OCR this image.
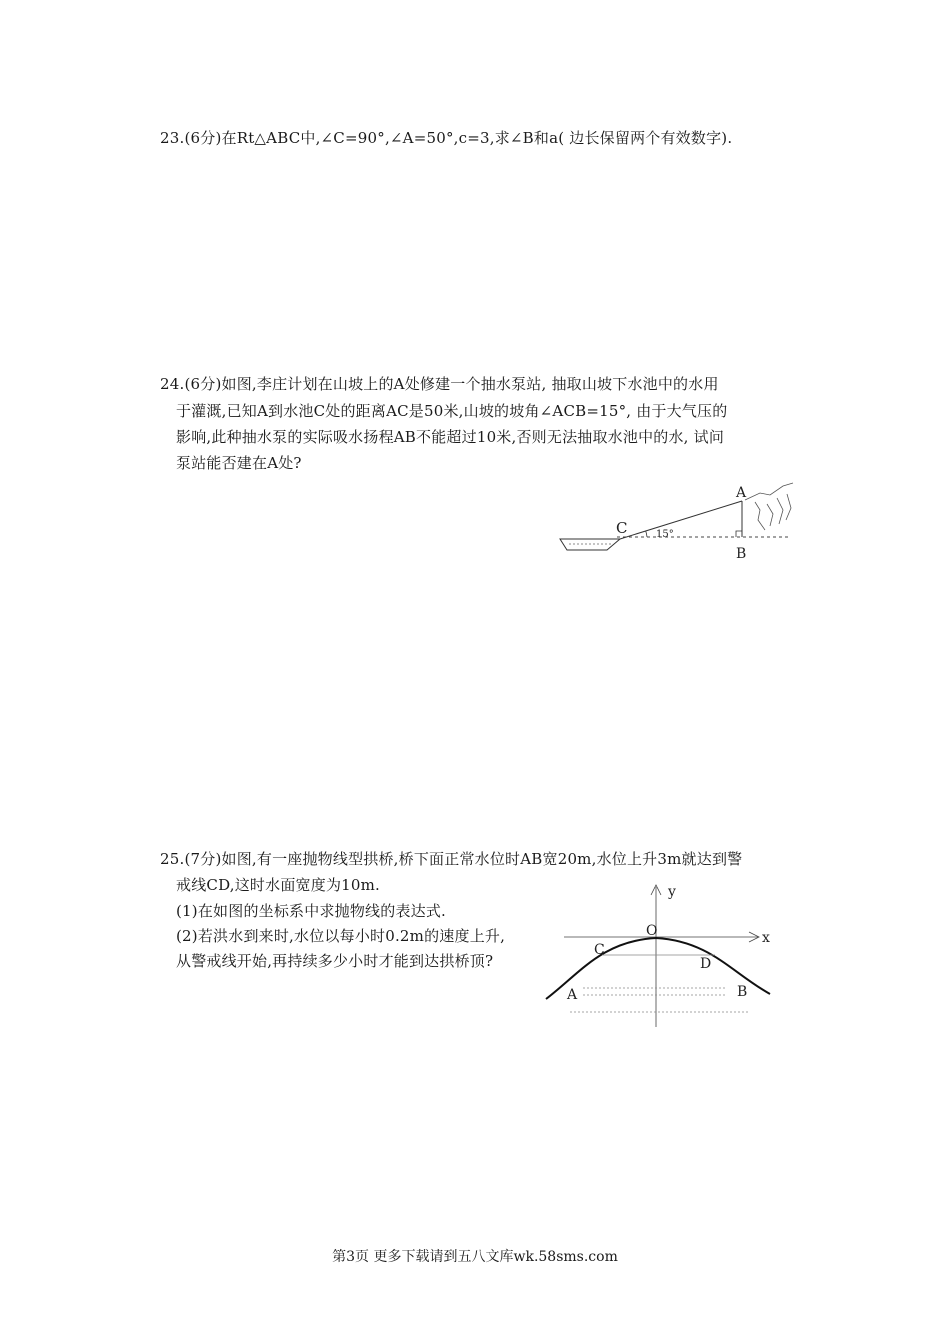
23.(6分)在Rt△ABC中,∠C=90°,∠A=50°,c=3,求∠B和a( 边长保留两个有效数字).
24.(6分)如图,李庄计划在山坡上的A处修建一个抽水泵站, 抽取山坡下水池中的水用
于灌溉,已知A到水池C处的距离AC是50米,山坡的坡角∠ACB=15°, 由于大气压的
影响,此种抽水泵的实际吸水扬程AB不能超过10米,否则无法抽取水池中的水, 试问
泵站能否建在A处?
A
B
C	15°
25.(7分)如图,有一座抛物线型拱桥,桥下面正常水位时AB宽20m,水位上升3m就达到警
戒线CD,这时水面宽度为10m.
(1)在如图的坐标系中求抛物线的表达式.
(2)若洪水到来时,水位以每小时0.2m的速度上升,
从警戒线开始,再持续多少小时才能到达拱桥顶?
y
x
O
C
D
A	B
第3页 更多下载请到五八文库wk.58sms.com
